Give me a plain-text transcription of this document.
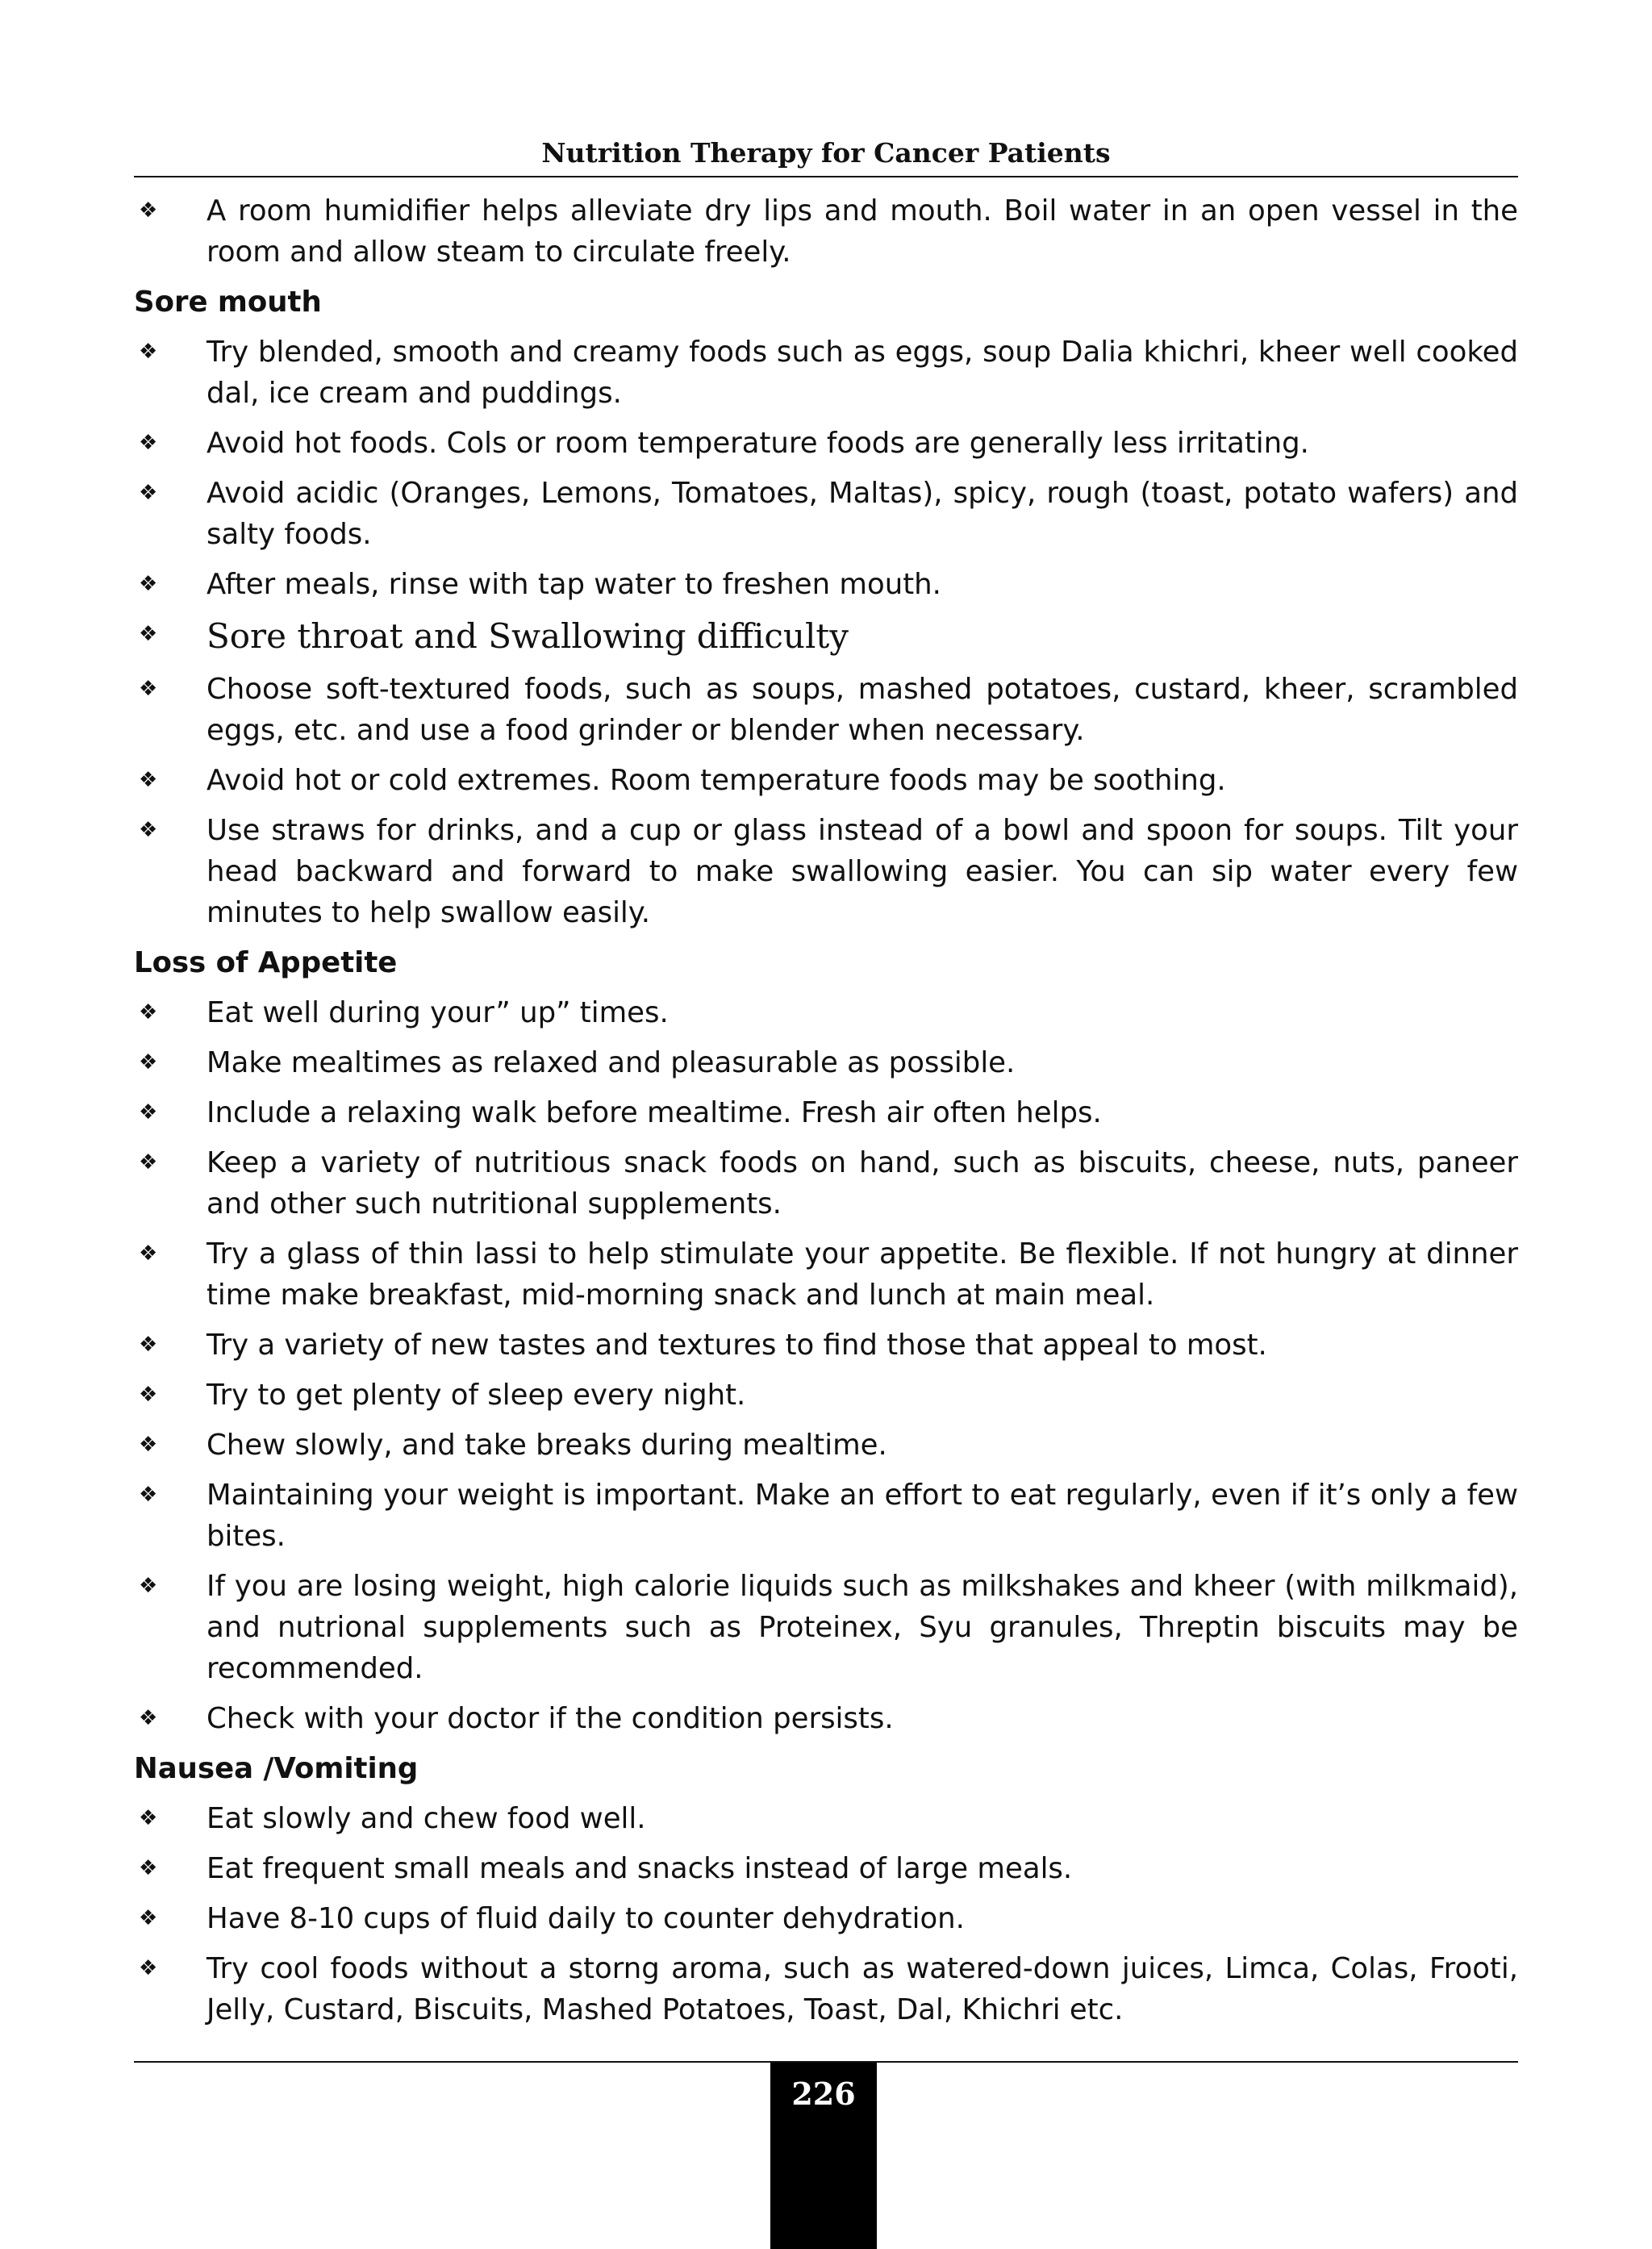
Nutrition Therapy for Cancer Patients
❖	A room humidifier helps alleviate dry lips and mouth. Boil water in an open vessel in the room and allow steam to circulate freely.
Sore mouth
❖	Try blended, smooth and creamy foods such as eggs, soup Dalia khichri, kheer well cooked dal, ice cream and puddings.
❖	Avoid hot foods. Cols or room temperature foods are generally less irritating.
❖	Avoid acidic (Oranges, Lemons, Tomatoes, Maltas), spicy, rough (toast, potato wafers) and salty foods.
❖	After meals, rinse with tap water to freshen mouth.
❖	Sore throat and Swallowing difficulty
❖	Choose soft-textured foods, such as soups, mashed potatoes, custard, kheer, scrambled eggs, etc. and use a food grinder or blender when necessary.
❖	Avoid hot or cold extremes. Room temperature foods may be soothing.
❖	Use straws for drinks, and a cup or glass instead of a bowl and spoon for soups. Tilt your head backward and forward to make swallowing easier. You can sip water every few minutes to help swallow easily.
Loss of Appetite
❖	Eat well during your” up” times.
❖	Make mealtimes as relaxed and pleasurable as possible.
❖	Include a relaxing walk before mealtime. Fresh air often helps.
❖	Keep a variety of nutritious snack foods on hand, such as biscuits, cheese, nuts, paneer and other such nutritional supplements.
❖	Try a glass of thin lassi to help stimulate your appetite. Be flexible. If not hungry at dinner time make breakfast, mid-morning snack and lunch at main meal.
❖	Try a variety of new tastes and textures to find those that appeal to most.
❖	Try to get plenty of sleep every night.
❖	Chew slowly, and take breaks during mealtime.
❖	Maintaining your weight is important. Make an effort to eat regularly, even if it’s only a few bites.
❖	If you are losing weight, high calorie liquids such as milkshakes and kheer (with milkmaid), and nutrional supplements such as Proteinex, Syu granules, Threptin biscuits may be recommended.
❖	Check with your doctor if the condition persists.
Nausea /Vomiting
❖	Eat slowly and chew food well.
❖	Eat frequent small meals and snacks instead of large meals.
❖	Have 8-10 cups of fluid daily to counter dehydration.
❖	Try cool foods without a storng aroma, such as watered-down juices, Limca, Colas, Frooti, Jelly, Custard, Biscuits, Mashed Potatoes, Toast, Dal, Khichri etc.
226
